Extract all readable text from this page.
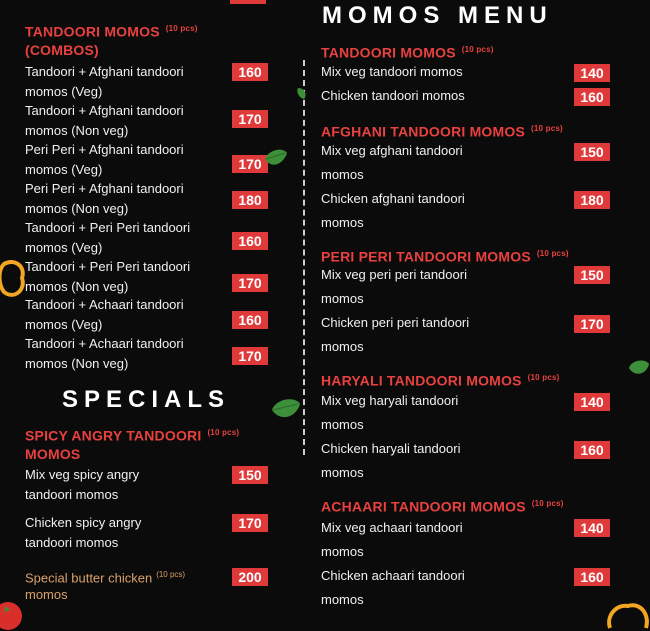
TANDOORI MOMOS $^{(10 pcs)}$
(COMBOS)
Tandoori + Afghani tandoori
momos (Veg)
160
Tandoori + Afghani tandoori
momos (Non veg)
170
Peri Peri + Afghani tandoori
momos (Veg)	170
Peri Peri + Afghani tandoori
momos (Non veg)	180
Tandoori + Peri Peri tandoori
momos (Veg)	160
Tandoori + Peri Peri tandoori
momos (Non veg)	170
Tandoori + Achaari tandoori
momos (Veg)	160
Tandoori + Achaari tandoori
momos (Non veg)	170
SPECIALS
SPICY ANGRY TANDOORI $^{(10 pcs)}$
MOMOS
Mix veg spicy angry
tandoori momos
150
Chicken spicy angry
tandoori momos
170
Special butter chicken $^{(10 pcs)}$
momos
200
MOMOS MENU
TANDOORI MOMOS $^{(10 pcs)}$
Mix veg tandoori momos	140
Chicken tandoori momos	160
AFGHANI TANDOORI MOMOS $^{(10 pcs)}$
Mix veg afghani tandoori
momos
150
Chicken afghani tandoori
momos
180
PERI PERI TANDOORI MOMOS $^{(10 pcs)}$
Mix veg peri peri tandoori
momos
150
Chicken peri peri tandoori
momos
170
HARYALI TANDOORI MOMOS $^{(10 pcs)}$
Mix veg haryali tandoori
momos
140
Chicken haryali tandoori
momos
160
ACHAARI TANDOORI MOMOS $^{(10 pcs)}$
Mix veg achaari tandoori
momos
140
Chicken achaari tandoori
momos
160
